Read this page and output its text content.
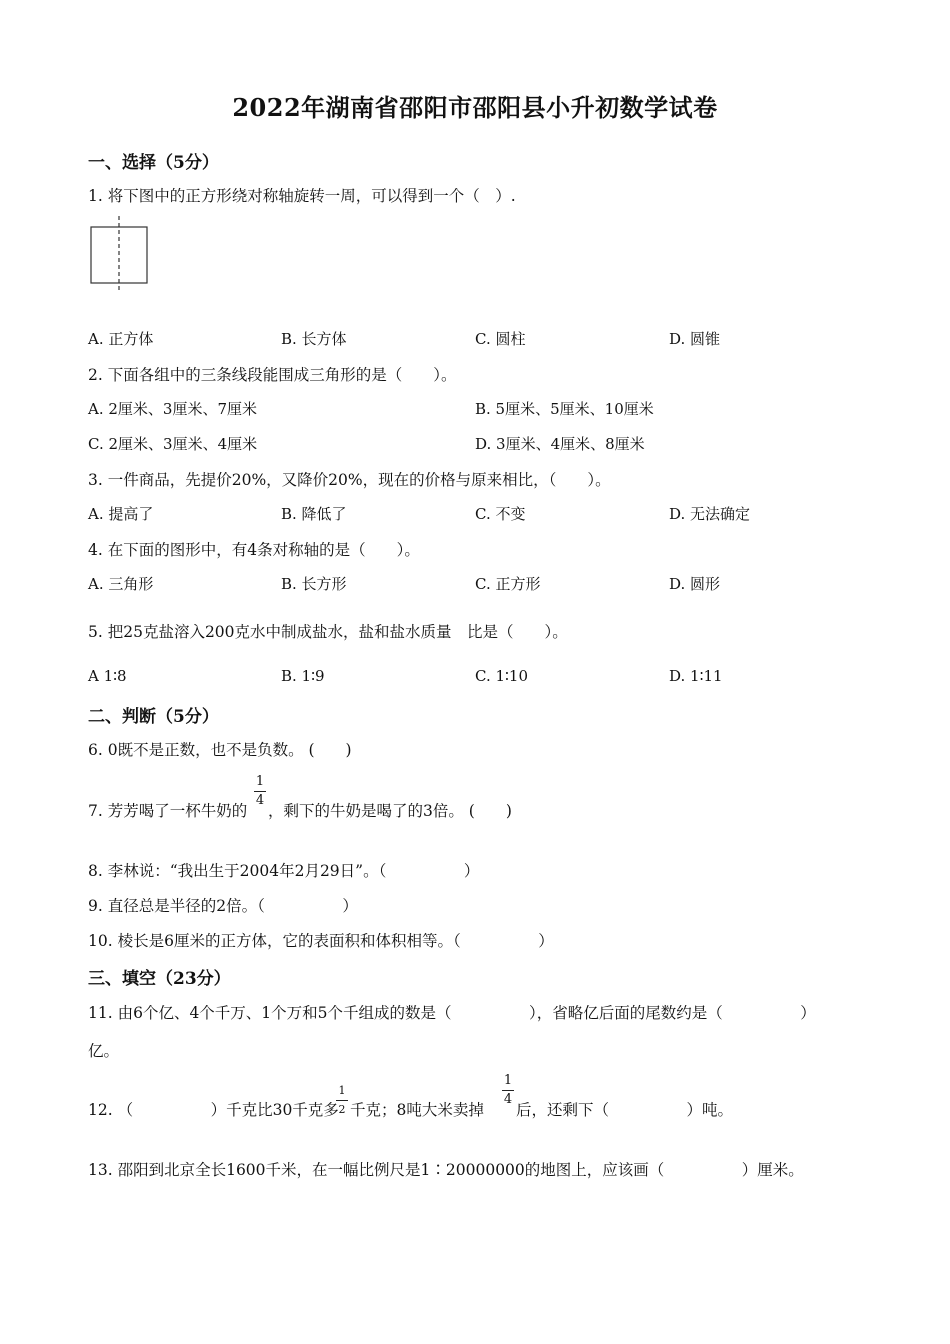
2022年湖南省邵阳市邵阳县小升初数学试卷
一、选择（5分）
1. 将下图中的正方形绕对称轴旋转一周，可以得到一个（　）.
A. 正方体	B. 长方体	C. 圆柱	D. 圆锥
2. 下面各组中的三条线段能围成三角形的是（　　）。
A. 2厘米、3厘米、7厘米	B. 5厘米、5厘米、10厘米
C. 2厘米、3厘米、4厘米	D. 3厘米、4厘米、8厘米
3. 一件商品，先提价20%，又降价20%，现在的价格与原来相比，（　　）。
A. 提高了	B. 降低了	C. 不变	D. 无法确定
4. 在下面的图形中，有4条对称轴的是（　　）。
A. 三角形	B. 长方形	C. 正方形	D. 圆形
5. 把25克盐溶入200克水中制成盐水，盐和盐水质量　比是（　　）。
A 1∶8	B. 1∶9	C. 1∶10	D. 1∶11
二、判断（5分）
6. 0既不是正数，也不是负数。 (　　)
7. 芳芳喝了一杯牛奶的
1
4
，剩下的牛奶是喝了的3倍。 (　　)
8. 李林说：“我出生于2004年2月29日”。（　　　　　）
9. 直径总是半径的2倍。（　　　　　）
10. 棱长是6厘米的正方体，它的表面积和体积相等。（　　　　　）
三、填空（23分）
11. 由6个亿、4个千万、1个万和5个千组成的数是（　　　　　），省略亿后面的尾数约是（　　　　　）
亿。
12. （　　　　　）千克比30千克多
1
2 千克；8吨大米卖掉
1
4
后，还剩下（　　　　　）吨。
13. 邵阳到北京全长1600千米，在一幅比例尺是1∶20000000的地图上，应该画（　　　　　）厘米。
